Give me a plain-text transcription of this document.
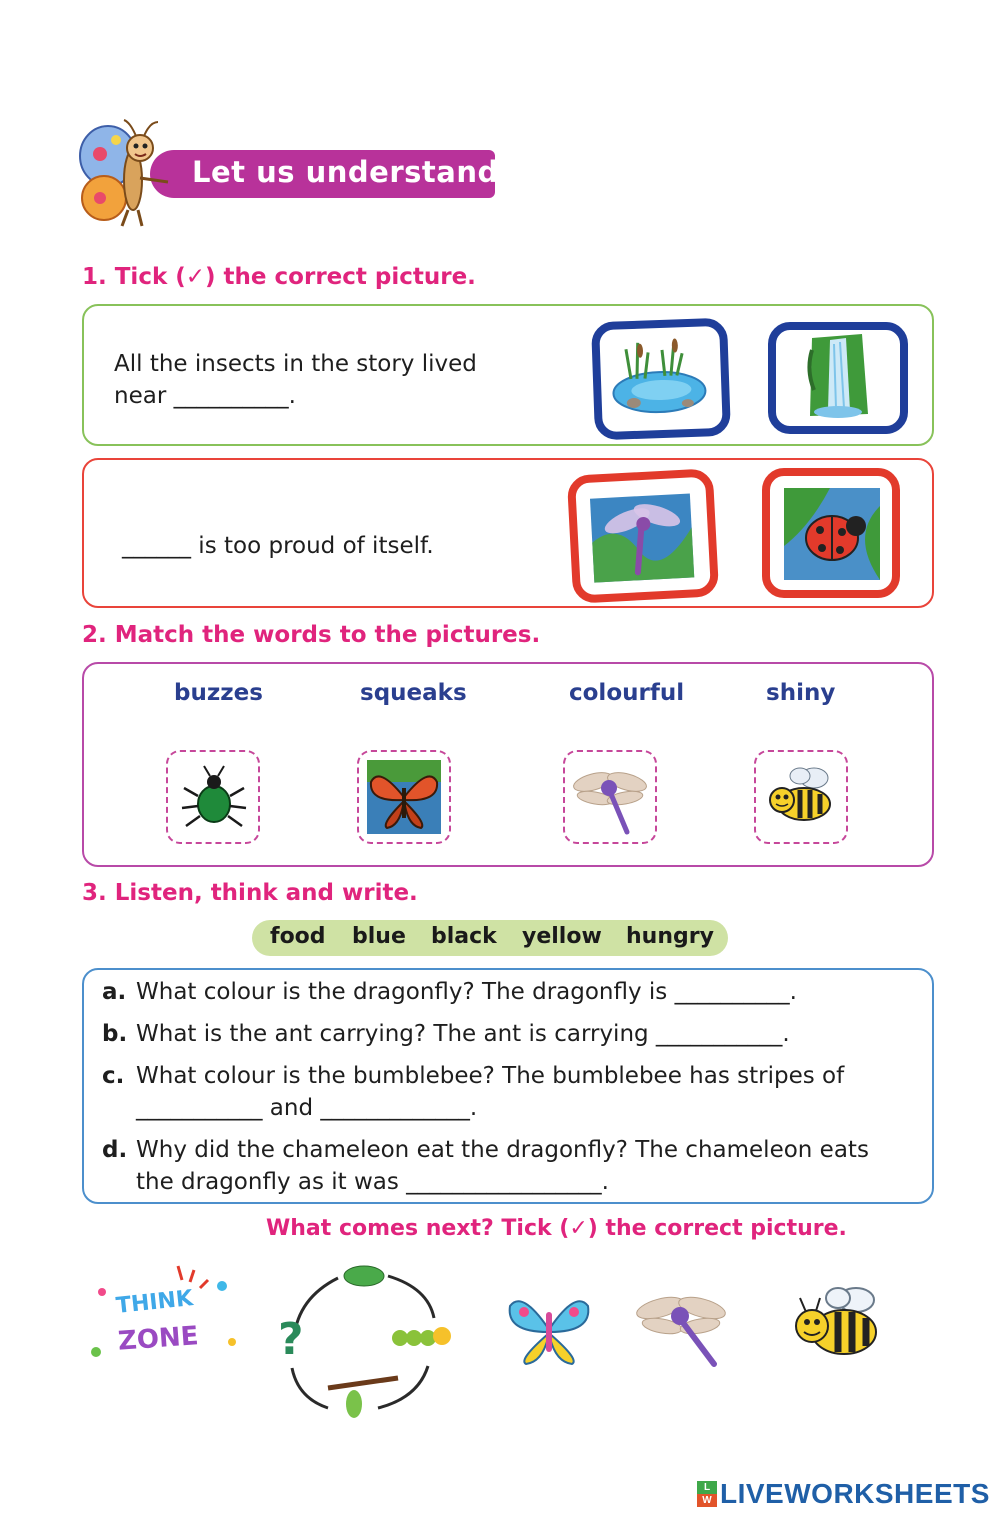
Let us understand
1. Tick (✓) the correct picture.
All the insects in the story lived
near __________.
______ is too proud of itself.
2. Match the words to the pictures.
buzzes	squeaks	colourful	shiny
3. Listen, think and write.
food blue black yellow hungry
a. What colour is the dragonfly? The dragonfly is __________.
b. What is the ant carrying? The ant is carrying ___________.
c. What colour is the bumblebee? The bumblebee has stripes of
___________ and _____________.
d. Why did the chameleon eat the dragonfly? The chameleon eats
the dragonfly as it was _________________.
What comes next? Tick (✓) the correct picture.
THINK
ZONE ?
L
W LIVEWORKSHEETS
